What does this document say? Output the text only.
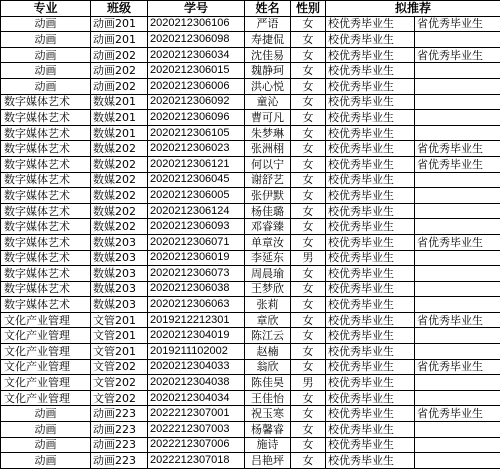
专业	班级	学号	姓名	性别	拟推荐	
动画	动画201	2020212306106	严语	女	校优秀毕业生	省优秀毕业生
动画	动画201	2020212306098	寿捷侃	女	校优秀毕业生	
动画	动画202	2020212306034	沈佳易	女	校优秀毕业生	省优秀毕业生
动画	动画202	2020212306015	魏静珂	女	校优秀毕业生	
动画	动画202	2020212306006	洪心悦	女	校优秀毕业生	
数字媒体艺术	数媒201	2020212306092	童沁	女	校优秀毕业生	
数字媒体艺术	数媒201	2020212306096	曹可凡	女	校优秀毕业生	
数字媒体艺术	数媒201	2020212306105	朱梦琳	女	校优秀毕业生	
数字媒体艺术	数媒202	2020212306023	张洲栩	女	校优秀毕业生	省优秀毕业生
数字媒体艺术	数媒202	2020212306121	何以宁	女	校优秀毕业生	省优秀毕业生
数字媒体艺术	数媒202	2020212306045	谢舒艺	女	校优秀毕业生	
数字媒体艺术	数媒202	2020212306005	张伊默	女	校优秀毕业生	
数字媒体艺术	数媒202	2020212306124	杨佳璐	女	校优秀毕业生	
数字媒体艺术	数媒202	2020212306093	邓睿臻	女	校优秀毕业生	
数字媒体艺术	数媒203	2020212306071	单章汝	女	校优秀毕业生	省优秀毕业生
数字媒体艺术	数媒203	2020212306019	李延东	男	校优秀毕业生	
数字媒体艺术	数媒203	2020212306073	周晨瑜	女	校优秀毕业生	
数字媒体艺术	数媒203	2020212306038	王梦欣	女	校优秀毕业生	
数字媒体艺术	数媒203	2020212306063	张莉	女	校优秀毕业生	
文化产业管理	文管201	2019212212301	章欣	女	校优秀毕业生	省优秀毕业生
文化产业管理	文管201	2020212304019	陈江云	女	校优秀毕业生	
文化产业管理	文管201	2019211102002	赵楠	女	校优秀毕业生	
文化产业管理	文管202	2020212304033	翁欣	女	校优秀毕业生	省优秀毕业生
文化产业管理	文管202	2020212304038	陈佳昊	男	校优秀毕业生	
文化产业管理	文管202	2020212304034	王佳怡	女	校优秀毕业生	
动画	动画223	2022212307001	祝玉寒	女	校优秀毕业生	省优秀毕业生
动画	动画223	2022212307003	杨馨睿	女	校优秀毕业生	
动画	动画223	2022212307006	施诗	女	校优秀毕业生	
动画	动画223	2022212307018	吕艳坪	女	校优秀毕业生	
